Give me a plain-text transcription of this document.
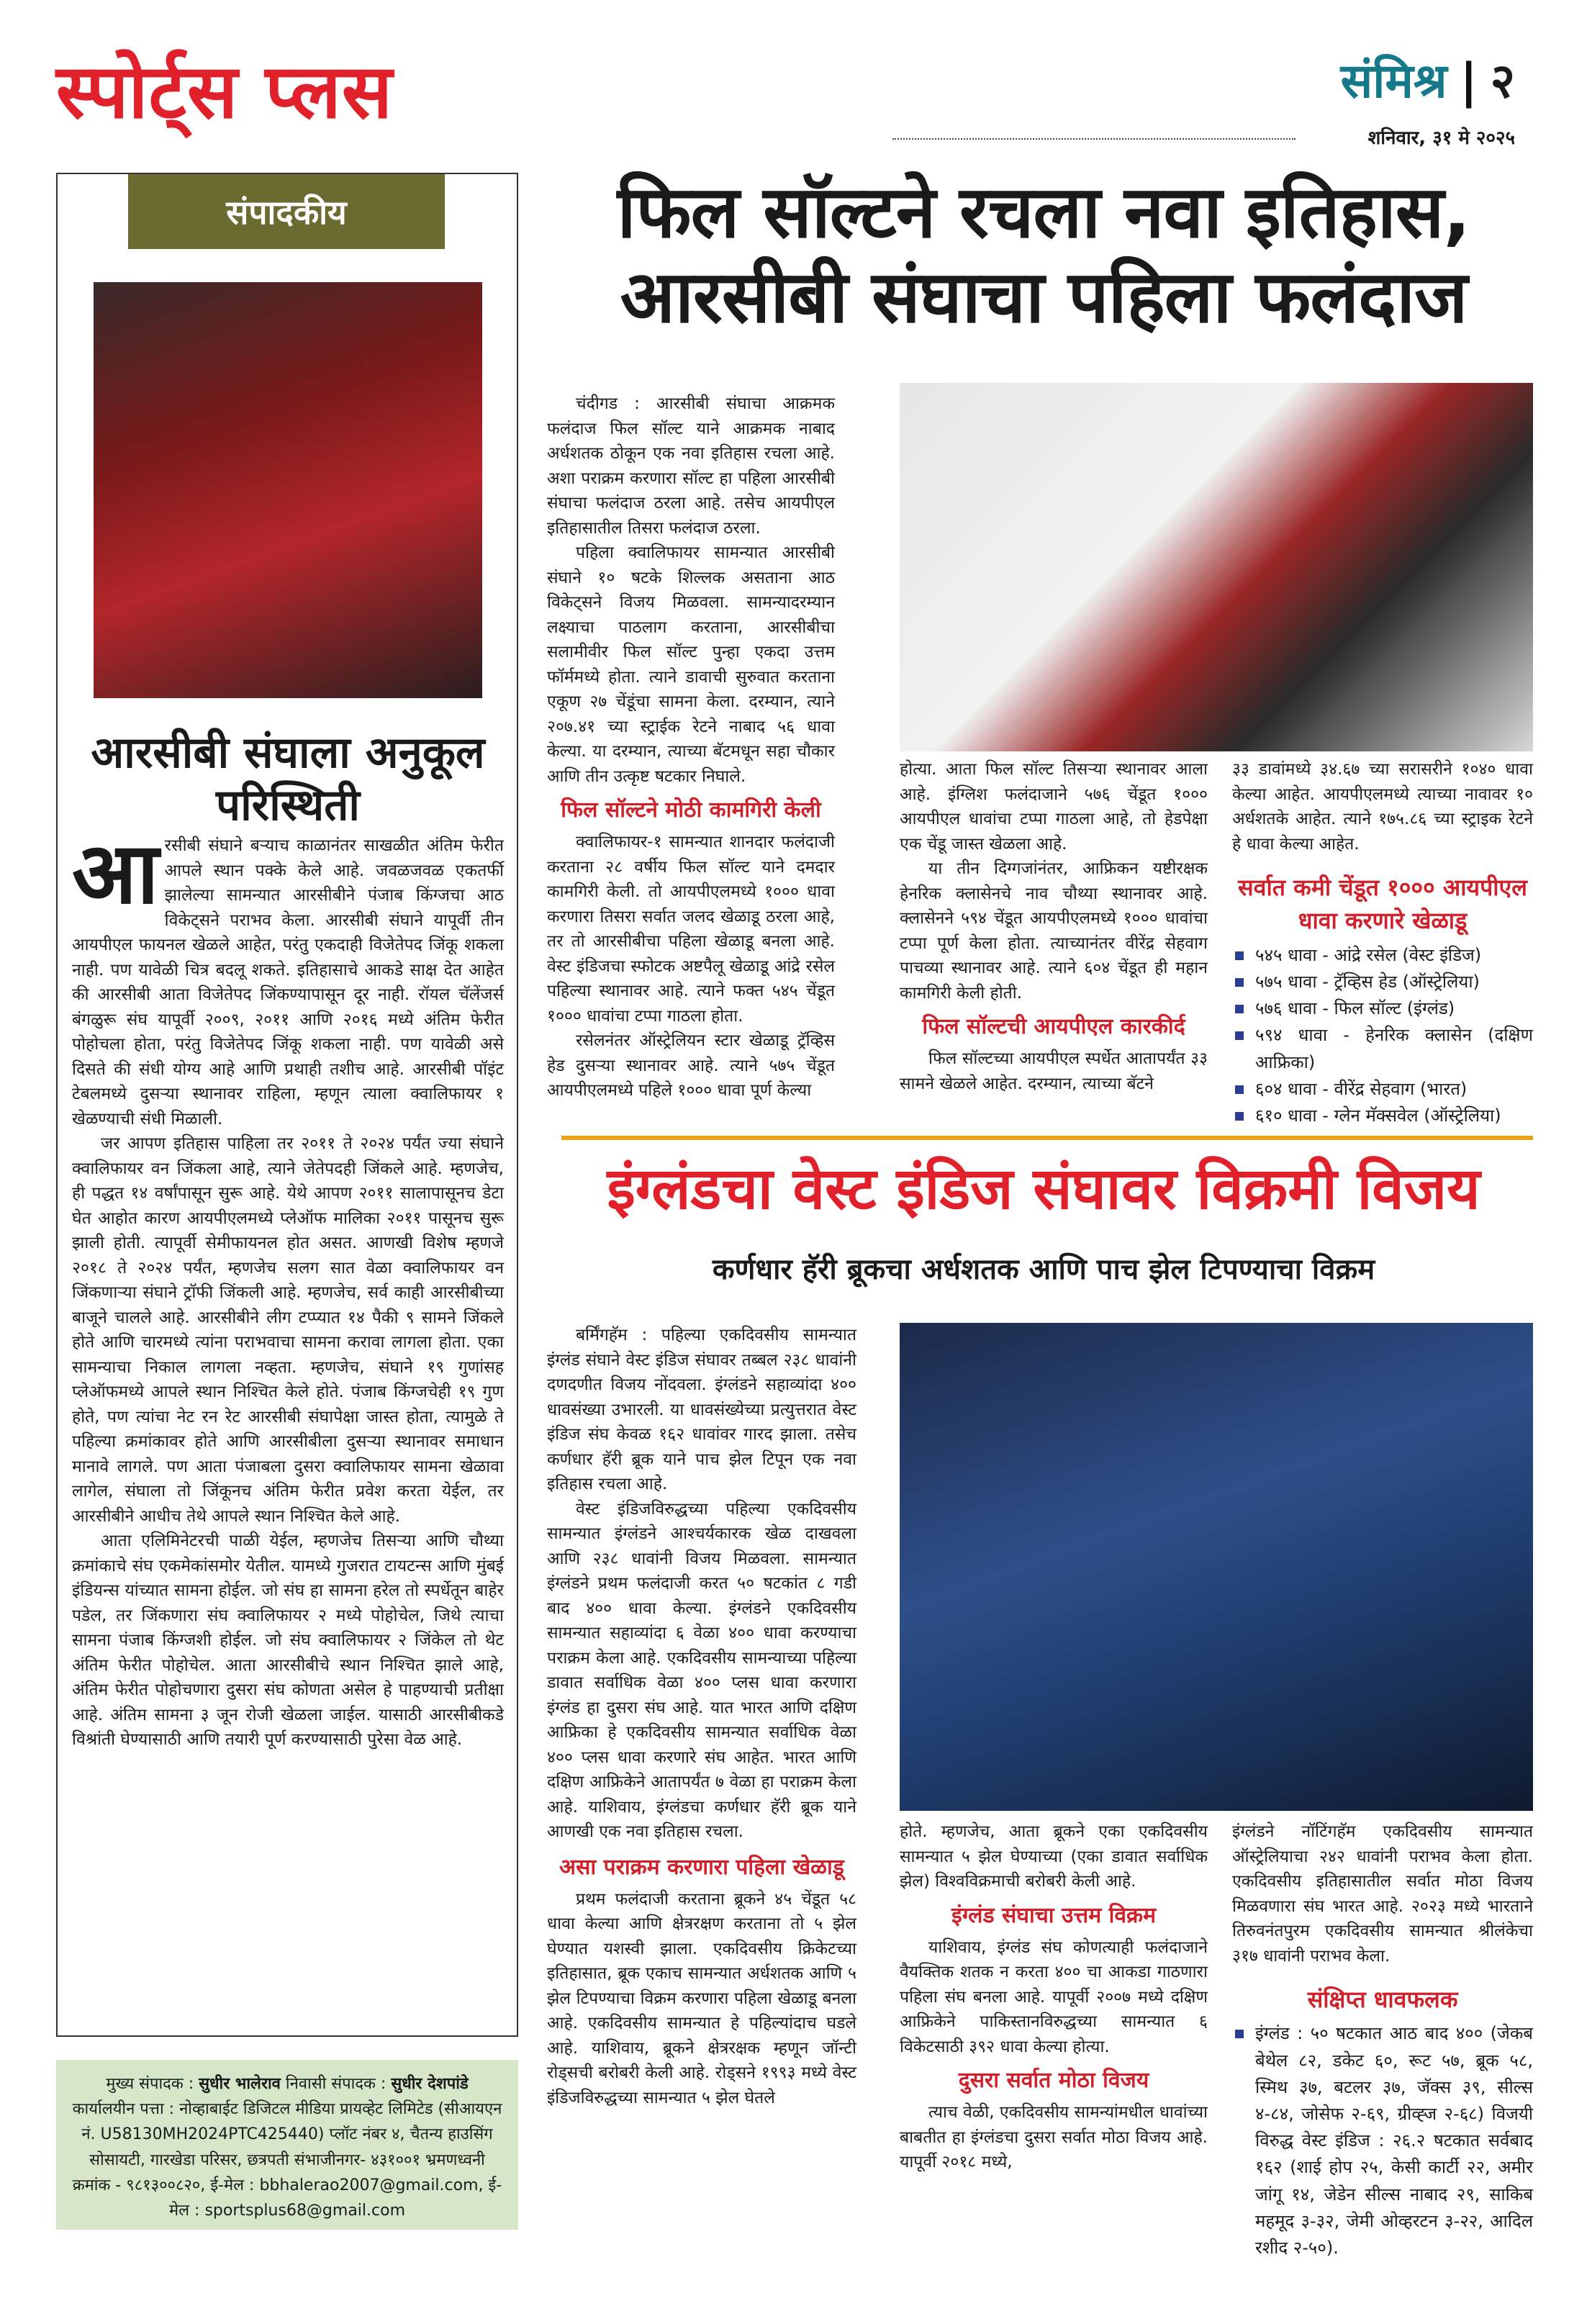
स्पोर्ट्स प्लस	संमिश्र | २
शनिवार, ३१ मे २०२५
संपादकीय
आरसीबी संघाला अनुकूल परिस्थिती
आ रसीबी संघाने बऱ्याच काळानंतर साखळीत अंतिम फेरीत आपले स्थान पक्के केले आहे. जवळजवळ एकतर्फी झालेल्या सामन्यात आरसीबीने पंजाब किंग्जचा आठ विकेट्सने पराभव केला. आरसीबी संघाने यापूर्वी तीन आयपीएल फायनल खेळले आहेत, परंतु एकदाही विजेतेपद जिंकू शकला नाही. पण यावेळी चित्र बदलू शकते. इतिहासाचे आकडे साक्ष देत आहेत की आरसीबी आता विजेतेपद जिंकण्यापासून दूर नाही. रॉयल चॅलेंजर्स बंगळुरू संघ यापूर्वी २००९, २०११ आणि २०१६ मध्ये अंतिम फेरीत पोहोचला होता, परंतु विजेतेपद जिंकू शकला नाही. पण यावेळी असे दिसते की संधी योग्य आहे आणि प्रथाही तशीच आहे. आरसीबी पॉइंट टेबलमध्ये दुसऱ्या स्थानावर राहिला, म्हणून त्याला क्वालिफायर १ खेळण्याची संधी मिळाली.

जर आपण इतिहास पाहिला तर २०११ ते २०२४ पर्यंत ज्या संघाने क्वालिफायर वन जिंकला आहे, त्याने जेतेपदही जिंकले आहे. म्हणजेच, ही पद्धत १४ वर्षांपासून सुरू आहे. येथे आपण २०११ सालापासूनच डेटा घेत आहोत कारण आयपीएलमध्ये प्लेऑफ मालिका २०११ पासूनच सुरू झाली होती. त्यापूर्वी सेमीफायनल होत असत. आणखी विशेष म्हणजे २०१८ ते २०२४ पर्यंत, म्हणजेच सलग सात वेळा क्वालिफायर वन जिंकणाऱ्या संघाने ट्रॉफी जिंकली आहे. म्हणजेच, सर्व काही आरसीबीच्या बाजूने चालले आहे. आरसीबीने लीग टप्प्यात १४ पैकी ९ सामने जिंकले होते आणि चारमध्ये त्यांना पराभवाचा सामना करावा लागला होता. एका सामन्याचा निकाल लागला नव्हता. म्हणजेच, संघाने १९ गुणांसह प्लेऑफमध्ये आपले स्थान निश्चित केले होते. पंजाब किंग्जचेही १९ गुण होते, पण त्यांचा नेट रन रेट आरसीबी संघापेक्षा जास्त होता, त्यामुळे ते पहिल्या क्रमांकावर होते आणि आरसीबीला दुसऱ्या स्थानावर समाधान मानावे लागले. पण आता पंजाबला दुसरा क्वालिफायर सामना खेळावा लागेल, संघाला तो जिंकूनच अंतिम फेरीत प्रवेश करता येईल, तर आरसीबीने आधीच तेथे आपले स्थान निश्चित केले आहे.

आता एलिमिनेटरची पाळी येईल, म्हणजेच तिसऱ्या आणि चौथ्या क्रमांकाचे संघ एकमेकांसमोर येतील. यामध्ये गुजरात टायटन्स आणि मुंबई इंडियन्स यांच्यात सामना होईल. जो संघ हा सामना हरेल तो स्पर्धेतून बाहेर पडेल, तर जिंकणारा संघ क्वालिफायर २ मध्ये पोहोचेल, जिथे त्याचा सामना पंजाब किंग्जशी होईल. जो संघ क्वालिफायर २ जिंकेल तो थेट अंतिम फेरीत पोहोचेल. आता आरसीबीचे स्थान निश्चित झाले आहे, अंतिम फेरीत पोहोचणारा दुसरा संघ कोणता असेल हे पाहण्याची प्रतीक्षा आहे. अंतिम सामना ३ जून रोजी खेळला जाईल. यासाठी आरसीबीकडे विश्रांती घेण्यासाठी आणि तयारी पूर्ण करण्यासाठी पुरेसा वेळ आहे.

मुख्य संपादक : सुधीर भालेराव निवासी संपादक : सुधीर देशपांडे
कार्यालयीन पत्ता : नोव्हाबाईट डिजिटल मीडिया प्रायव्हेट लिमिटेड (सीआयएन नं. U58130MH2024PTC425440) प्लॉट नंबर ४, चैतन्य हाउसिंग सोसायटी, गारखेडा परिसर, छत्रपती संभाजीनगर- ४३१००१ भ्रमणध्वनी क्रमांक - ९८१३००८२०, ई-मेल : bbhalerao2007@gmail.com, ई-मेल : sportsplus68@gmail.com
फिल सॉल्टने रचला नवा इतिहास, आरसीबी संघाचा पहिला फलंदाज

चंदीगड : आरसीबी संघाचा आक्रमक फलंदाज फिल सॉल्ट याने आक्रमक नाबाद अर्धशतक ठोकून एक नवा इतिहास रचला आहे. अशा पराक्रम करणारा सॉल्ट हा पहिला आरसीबी संघाचा फलंदाज ठरला आहे. तसेच आयपीएल इतिहासातील तिसरा फलंदाज ठरला.

पहिला क्वालिफायर सामन्यात आरसीबी संघाने १० षटके शिल्लक असताना आठ विकेट्सने विजय मिळवला. सामन्यादरम्यान लक्ष्याचा पाठलाग करताना, आरसीबीचा सलामीवीर फिल सॉल्ट पुन्हा एकदा उत्तम फॉर्ममध्ये होता. त्याने डावाची सुरुवात करताना एकूण २७ चेंडूंचा सामना केला. दरम्यान, त्याने २०७.४१ च्या स्ट्राईक रेटने नाबाद ५६ धावा केल्या. या दरम्यान, त्याच्या बॅटमधून सहा चौकार आणि तीन उत्कृष्ट षटकार निघाले.

फिल सॉल्टने मोठी कामगिरी केली

क्वालिफायर-१ सामन्यात शानदार फलंदाजी करताना २८ वर्षीय फिल सॉल्ट याने दमदार कामगिरी केली. तो आयपीएलमध्ये १००० धावा करणारा तिसरा सर्वात जलद खेळाडू ठरला आहे, तर तो आरसीबीचा पहिला खेळाडू बनला आहे. वेस्ट इंडिजचा स्फोटक अष्टपैलू खेळाडू आंद्रे रसेल पहिल्या स्थानावर आहे. त्याने फक्त ५४५ चेंडूत १००० धावांचा टप्पा गाठला होता.

रसेलनंतर ऑस्ट्रेलियन स्टार खेळाडू ट्रॅव्हिस हेड दुसऱ्या स्थानावर आहे. त्याने ५७५ चेंडूत आयपीएलमध्ये पहिले १००० धावा पूर्ण केल्या

होत्या. आता फिल सॉल्ट तिसऱ्या स्थानावर आला आहे. इंग्लिश फलंदाजाने ५७६ चेंडूत १००० आयपीएल धावांचा टप्पा गाठला आहे, तो हेडपेक्षा एक चेंडू जास्त खेळला आहे.

या तीन दिग्गजांनंतर, आफ्रिकन यष्टीरक्षक हेनरिक क्लासेनचे नाव चौथ्या स्थानावर आहे. क्लासेनने ५९४ चेंडूत आयपीएलमध्ये १००० धावांचा टप्पा पूर्ण केला होता. त्याच्यानंतर वीरेंद्र सेहवाग पाचव्या स्थानावर आहे. त्याने ६०४ चेंडूत ही महान कामगिरी केली होती.

फिल सॉल्टची आयपीएल कारकीर्द

फिल सॉल्टच्या आयपीएल स्पर्धेत आतापर्यंत ३३ सामने खेळले आहेत. दरम्यान, त्याच्या बॅटने

३३ डावांमध्ये ३४.६७ च्या सरासरीने १०४० धावा केल्या आहेत. आयपीएलमध्ये त्याच्या नावावर १० अर्धशतके आहेत. त्याने १७५.८६ च्या स्ट्राइक रेटने हे धावा केल्या आहेत.

सर्वात कमी चेंडूत १००० आयपीएल धावा करणारे खेळाडू
५४५ धावा - आंद्रे रसेल (वेस्ट इंडिज)
५७५ धावा - ट्रॅव्हिस हेड (ऑस्ट्रेलिया)
५७६ धावा - फिल सॉल्ट (इंग्लंड)
५९४ धावा - हेनरिक क्लासेन (दक्षिण आफ्रिका)
६०४ धावा - वीरेंद्र सेहवाग (भारत)
६१० धावा - ग्लेन मॅक्सवेल (ऑस्ट्रेलिया)
इंग्लंडचा वेस्ट इंडिज संघावर विक्रमी विजय
कर्णधार हॅरी ब्रूकचा अर्धशतक आणि पाच झेल टिपण्याचा विक्रम

बर्मिंगहॅम : पहिल्या एकदिवसीय सामन्यात इंग्लंड संघाने वेस्ट इंडिज संघावर तब्बल २३८ धावांनी दणदणीत विजय नोंदवला. इंग्लंडने सहाव्यांदा ४०० धावसंख्या उभारली. या धावसंख्येच्या प्रत्युत्तरात वेस्ट इंडिज संघ केवळ १६२ धावांवर गारद झाला. तसेच कर्णधार हॅरी ब्रूक याने पाच झेल टिपून एक नवा इतिहास रचला आहे.

वेस्ट इंडिजविरुद्धच्या पहिल्या एकदिवसीय सामन्यात इंग्लंडने आश्चर्यकारक खेळ दाखवला आणि २३८ धावांनी विजय मिळवला. सामन्यात इंग्लंडने प्रथम फलंदाजी करत ५० षटकांत ८ गडी बाद ४०० धावा केल्या. इंग्लंडने एकदिवसीय सामन्यात सहाव्यांदा ६ वेळा ४०० धावा करण्याचा पराक्रम केला आहे. एकदिवसीय सामन्याच्या पहिल्या डावात सर्वाधिक वेळा ४०० प्लस धावा करणारा इंग्लंड हा दुसरा संघ आहे. यात भारत आणि दक्षिण आफ्रिका हे एकदिवसीय सामन्यात सर्वाधिक वेळा ४०० प्लस धावा करणारे संघ आहेत. भारत आणि दक्षिण आफ्रिकेने आतापर्यंत ७ वेळा हा पराक्रम केला आहे. याशिवाय, इंग्लंडचा कर्णधार हॅरी ब्रूक याने आणखी एक नवा इतिहास रचला.

असा पराक्रम करणारा पहिला खेळाडू

प्रथम फलंदाजी करताना ब्रूकने ४५ चेंडूत ५८ धावा केल्या आणि क्षेत्ररक्षण करताना तो ५ झेल घेण्यात यशस्वी झाला. एकदिवसीय क्रिकेटच्या इतिहासात, ब्रूक एकाच सामन्यात अर्धशतक आणि ५ झेल टिपण्याचा विक्रम करणारा पहिला खेळाडू बनला आहे. एकदिवसीय सामन्यात हे पहिल्यांदाच घडले आहे. याशिवाय, ब्रूकने क्षेत्ररक्षक म्हणून जॉन्टी रोड्सची बरोबरी केली आहे. रोड्सने १९९३ मध्ये वेस्ट इंडिजविरुद्धच्या सामन्यात ५ झेल घेतले

होते. म्हणजेच, आता ब्रूकने एका एकदिवसीय सामन्यात ५ झेल घेण्याच्या (एका डावात सर्वाधिक झेल) विश्वविक्रमाची बरोबरी केली आहे.

इंग्लंड संघाचा उत्तम विक्रम

याशिवाय, इंग्लंड संघ कोणत्याही फलंदाजाने वैयक्तिक शतक न करता ४०० चा आकडा गाठणारा पहिला संघ बनला आहे. यापूर्वी २००७ मध्ये दक्षिण आफ्रिकेने पाकिस्तानविरुद्धच्या सामन्यात ६ विकेटसाठी ३९२ धावा केल्या होत्या.

दुसरा सर्वात मोठा विजय

त्याच वेळी, एकदिवसीय सामन्यांमधील धावांच्या बाबतीत हा इंग्लंडचा दुसरा सर्वात मोठा विजय आहे. यापूर्वी २०१८ मध्ये,

इंग्लंडने नॉटिंगहॅम एकदिवसीय सामन्यात ऑस्ट्रेलियाचा २४२ धावांनी पराभव केला होता. एकदिवसीय इतिहासातील सर्वात मोठा विजय मिळवणारा संघ भारत आहे. २०२३ मध्ये भारताने तिरुवनंतपुरम एकदिवसीय सामन्यात श्रीलंकेचा ३१७ धावांनी पराभव केला.

संक्षिप्त धावफलक
इंग्लंड : ५० षटकात आठ बाद ४०० (जेकब बेथेल ८२, डकेट ६०, रूट ५७, ब्रूक ५८, स्मिथ ३७, बटलर ३७, जॅक्स ३९, सील्स ४-८४, जोसेफ २-६९, ग्रीव्ह्ज २-६८) विजयी विरुद्ध वेस्ट इंडिज : २६.२ षटकात सर्वबाद १६२ (शाई होप २५, केसी कार्टी २२, अमीर जांगू १४, जेडेन सील्स नाबाद २९, साकिब महमूद ३-३२, जेमी ओव्हरटन ३-२२, आदिल रशीद २-५०).
